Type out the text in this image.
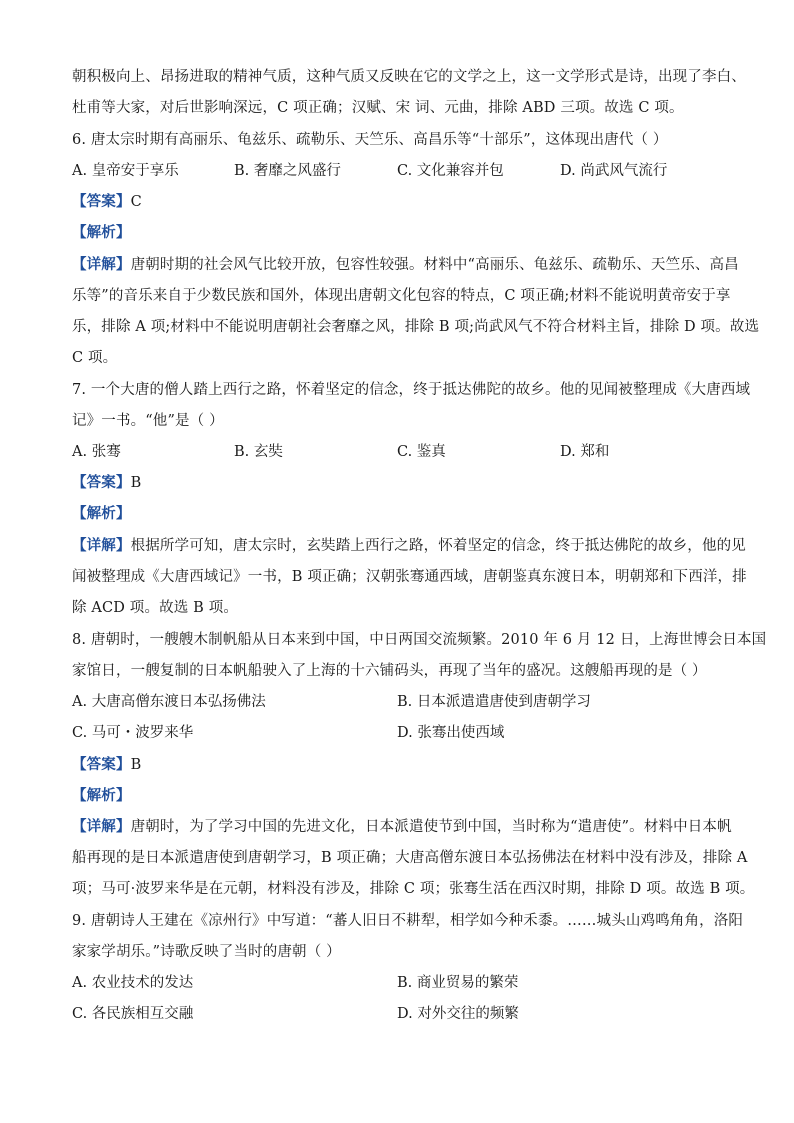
朝积极向上、昂扬进取的精神气质，这种气质又反映在它的文学之上，这一文学形式是诗，出现了李白、
杜甫等大家，对后世影响深远，C 项正确；汉赋、宋 词、元曲，排除 ABD 三项。故选 C 项。
6. 唐太宗时期有高丽乐、龟兹乐、疏勒乐、天竺乐、高昌乐等“十部乐”，这体现出唐代（ ）
A. 皇帝安于享乐	B. 奢靡之风盛行	C. 文化兼容并包	D. 尚武风气流行
【答案】C
【解析】
【详解】唐朝时期的社会风气比较开放，包容性较强。材料中“高丽乐、龟兹乐、疏勒乐、天竺乐、高昌
乐等”的音乐来自于少数民族和国外，体现出唐朝文化包容的特点，C 项正确;材料不能说明黄帝安于享
乐，排除 A 项;材料中不能说明唐朝社会奢靡之风，排除 B 项;尚武风气不符合材料主旨，排除 D 项。故选
C 项。
7. 一个大唐的僧人踏上西行之路，怀着坚定的信念，终于抵达佛陀的故乡。他的见闻被整理成《大唐西域
记》一书。“他”是（ ）
A. 张骞	B. 玄奘	C. 鉴真	D. 郑和
【答案】B
【解析】
【详解】根据所学可知，唐太宗时，玄奘踏上西行之路，怀着坚定的信念，终于抵达佛陀的故乡，他的见
闻被整理成《大唐西域记》一书，B 项正确；汉朝张骞通西域，唐朝鉴真东渡日本，明朝郑和下西洋，排
除 ACD 项。故选 B 项。
8. 唐朝时，一艘艘木制帆船从日本来到中国，中日两国交流频繁。2010 年 6 月 12 日，上海世博会日本国
家馆日，一艘复制的日本帆船驶入了上海的十六铺码头，再现了当年的盛况。这艘船再现的是（ ）
A. 大唐高僧东渡日本弘扬佛法	B. 日本派遣遣唐使到唐朝学习
C. 马可・波罗来华	D. 张骞出使西域
【答案】B
【解析】
【详解】唐朝时，为了学习中国的先进文化，日本派遣使节到中国，当时称为“遣唐使”。材料中日本帆
船再现的是日本派遣唐使到唐朝学习，B 项正确；大唐高僧东渡日本弘扬佛法在材料中没有涉及，排除 A
项；马可·波罗来华是在元朝，材料没有涉及，排除 C 项；张骞生活在西汉时期，排除 D 项。故选 B 项。
9. 唐朝诗人王建在《凉州行》中写道：“蕃人旧日不耕犁，相学如今种禾黍。……城头山鸡鸣角角，洛阳
家家学胡乐。”诗歌反映了当时的唐朝（ ）
A. 农业技术的发达	B. 商业贸易的繁荣
C. 各民族相互交融	D. 对外交往的频繁
